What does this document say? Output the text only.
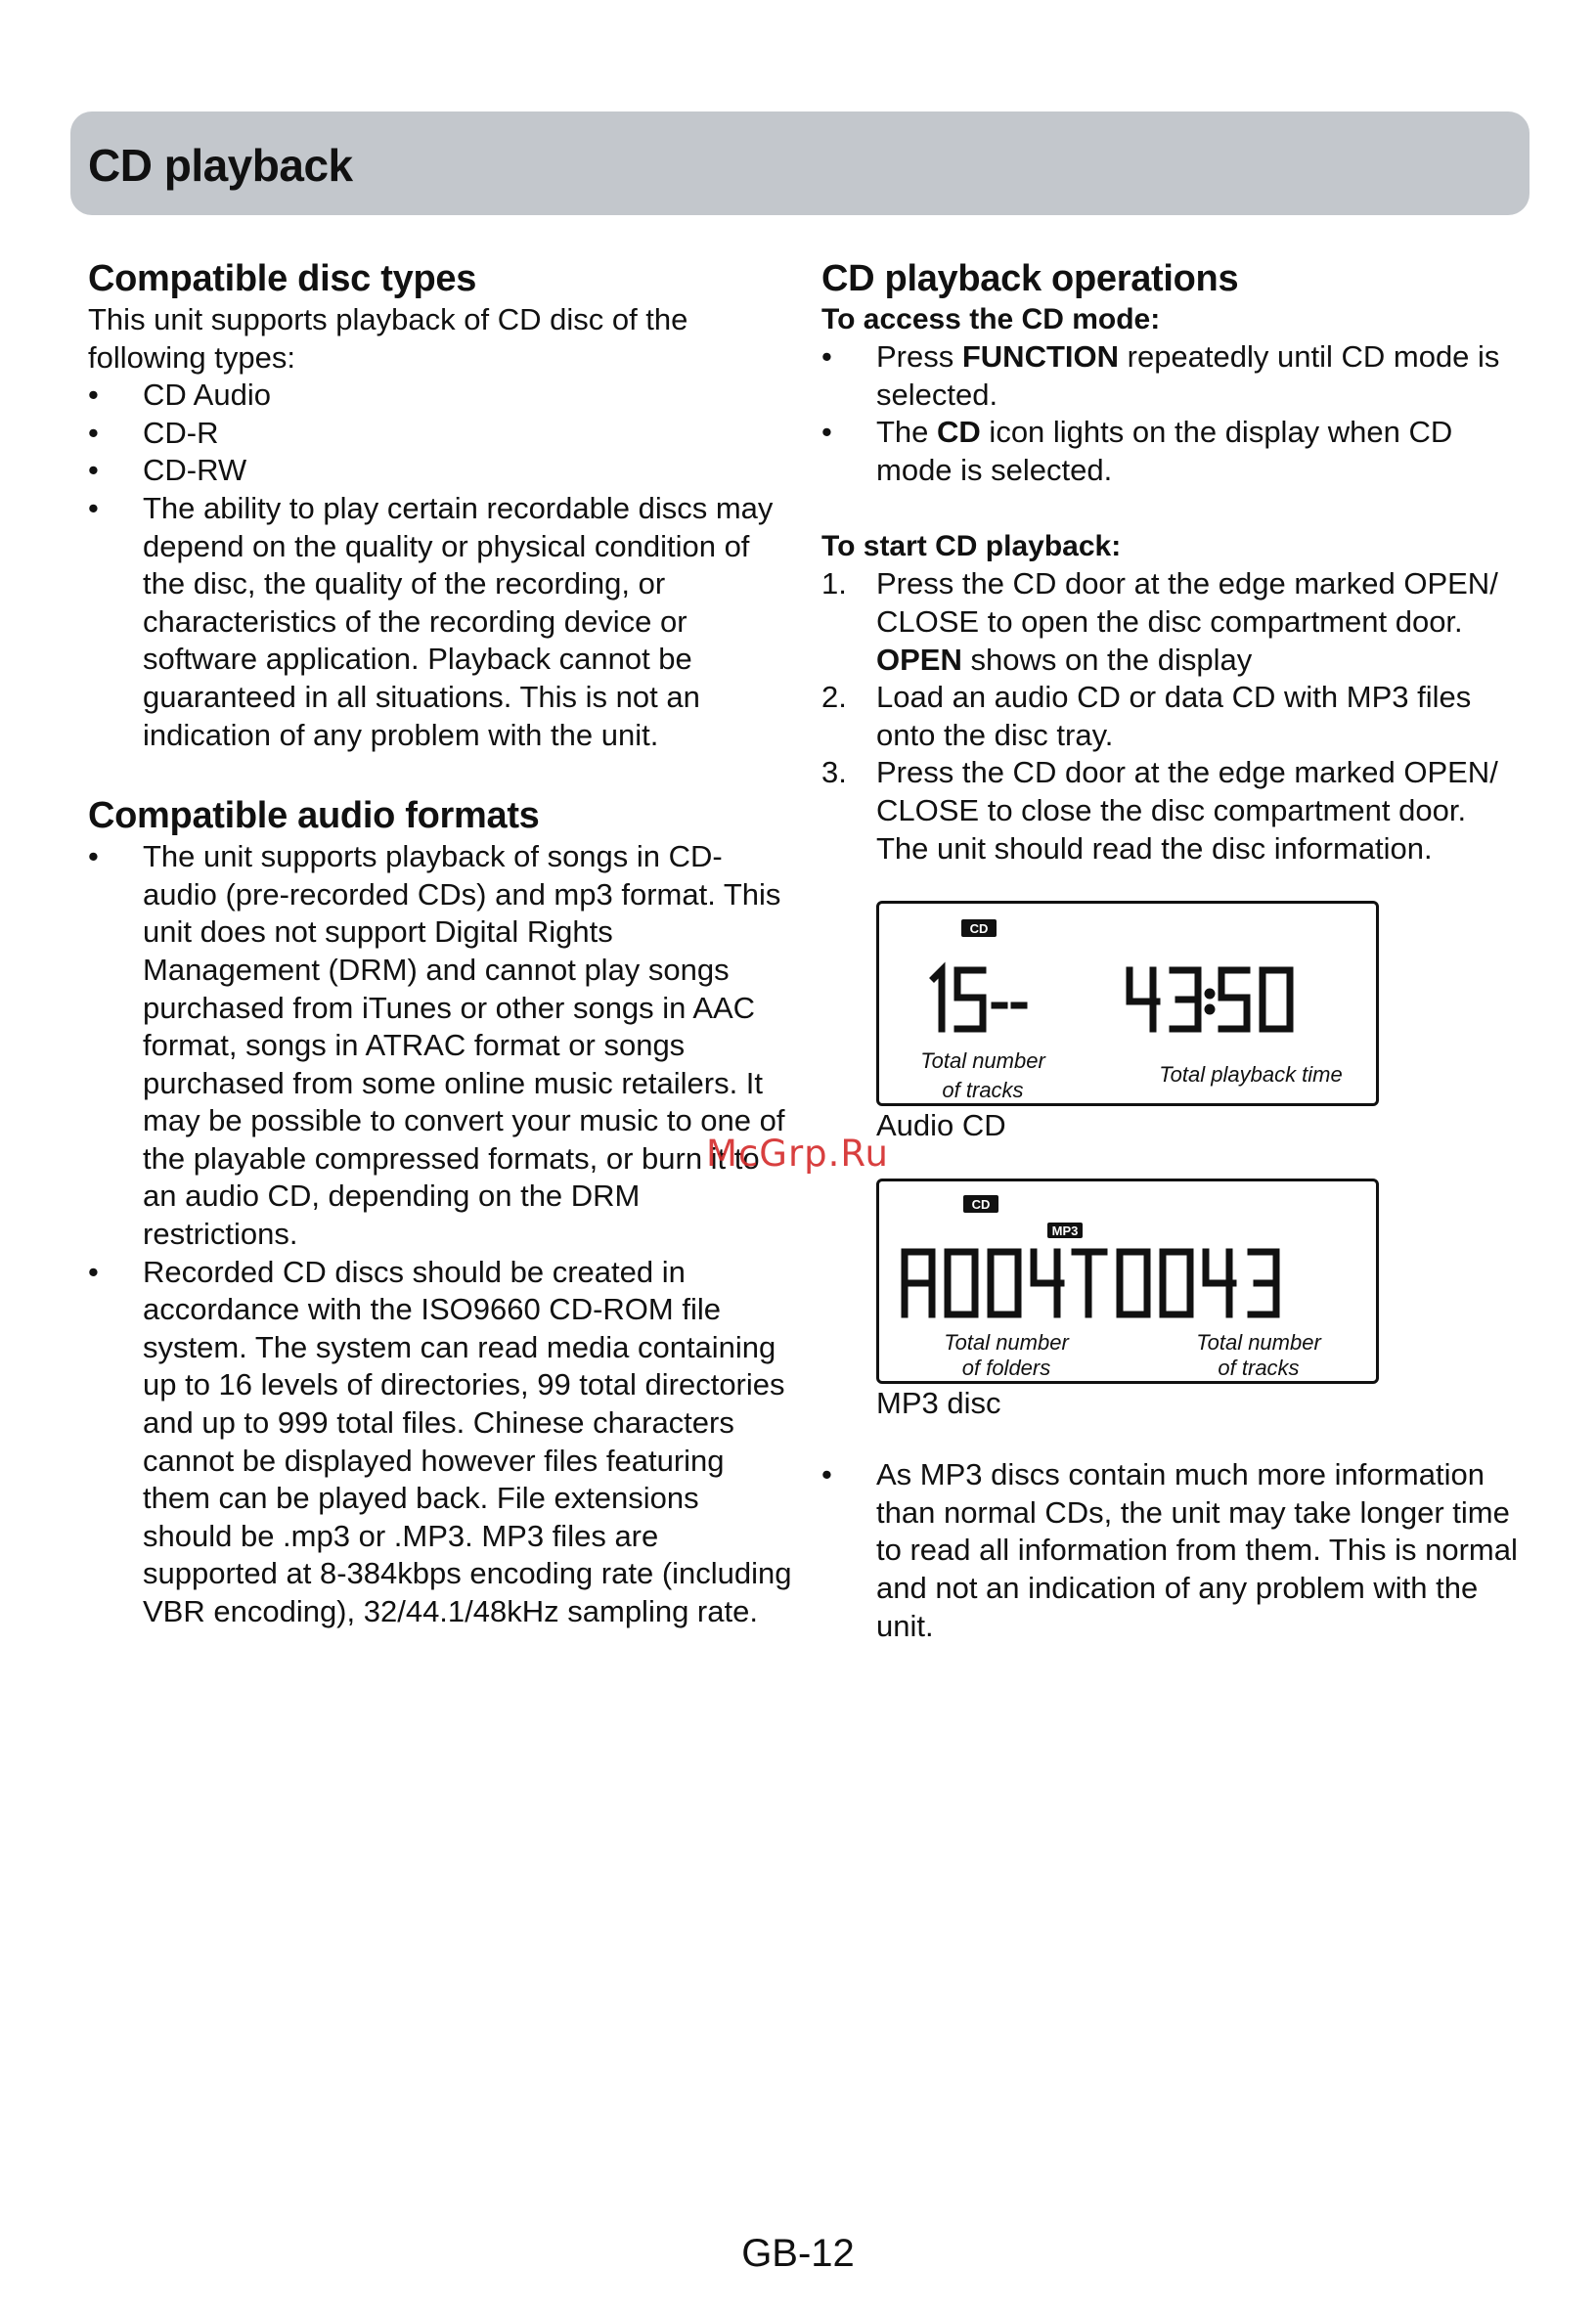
CD playback
Compatible disc types

This unit supports playback of CD disc of the following types:

• CD Audio
• CD-R
• CD-RW
• The ability to play certain recordable discs may depend on the quality or physical condition of the disc, the quality of the recording, or characteristics of the recording device or software application. Playback cannot be guaranteed in all situations. This is not an indication of any problem with the unit.
Compatible audio formats
• The unit supports playback of songs in CD-audio (pre-recorded CDs) and mp3 format. This unit does not support Digital Rights Management (DRM) and cannot play songs purchased from iTunes or other songs in AAC format, songs in ATRAC format or songs purchased from some online music retailers. It may be possible to convert your music to one of the playable compressed formats, or burn it to an audio CD, depending on the DRM restrictions.
• Recorded CD discs should be created in accordance with the ISO9660 CD-ROM file system. The system can read media containing up to 16 levels of directories, 99 total directories and up to 999 total files. Chinese characters cannot be displayed however files featuring them can be played back. File extensions should be .mp3 or .MP3. MP3 files are supported at 8-384kbps encoding rate (including VBR encoding), 32/44.1/48kHz sampling rate.
CD playback operations
To access the CD mode:
• Press FUNCTION repeatedly until CD mode is selected.
• The CD icon lights on the display when CD mode is selected.
To start CD playback:
1. Press the CD door at the edge marked OPEN/ CLOSE to open the disc compartment door.
OPEN shows on the display
2. Load an audio CD or data CD with MP3 files onto the disc tray.
3. Press the CD door at the edge marked OPEN/ CLOSE to close the disc compartment door.
The unit should read the disc information.
CD
Total number
of tracks
Total playback time
Audio CD
CD
MP3
Total number
of folders
Total number
of tracks
MP3 disc
• As MP3 discs contain much more information than normal CDs, the unit may take longer time to read all information from them. This is normal and not an indication of any problem with the unit.
McGrp.Ru
GB-12
